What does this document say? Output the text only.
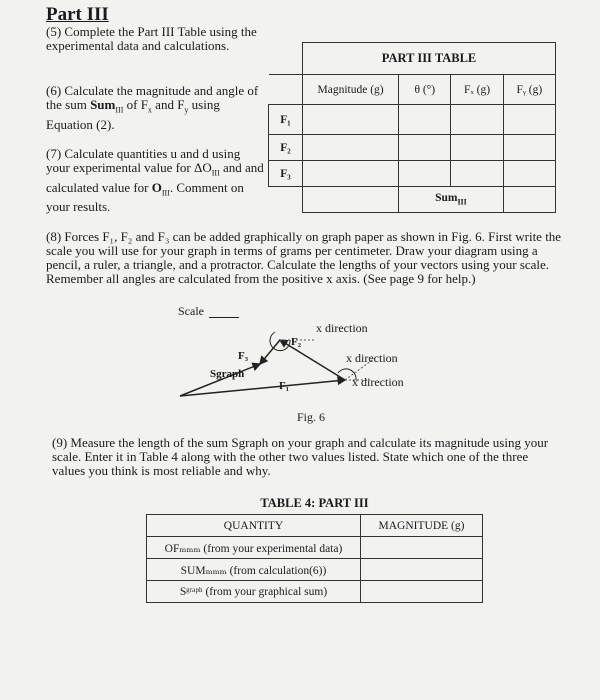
Part III
(5) Complete the Part III Table using the experimental data and calculations.
(6) Calculate the magnitude and angle of the sum Sum$_{III}$ of $F_x$ and $F_y$ using Equation (2).
(7) Calculate quantities u and d using your experimental value for $\Delta O_{III}$ and and calculated value for $O_{III}$. Comment on your results.
	PART III TABLE			
	Magnitude (g)	θ (°)	Fₓ (g)	Fᵧ (g)
F₁				
F₂				
F₃				
		Sum$_{III}$	
(8) Forces F₁, F₂ and F₃ can be added graphically on graph paper as shown in Fig. 6. First write the scale you will use for your graph in terms of grams per centimeter. Draw your diagram using a pencil, a ruler, a triangle, and a protractor. Calculate the lengths of your vectors using your scale. Remember all angles are calculated from the positive x axis. (See page 9 for help.)
Scale
F₃
F₂
F₁
Sgraph
x direction
x direction
x direction
Fig. 6
(9) Measure the length of the sum Sgraph on your graph and calculate its magnitude using your scale. Enter it in Table 4 along with the other two values listed. State which one of the three values you think is most reliable and why.
TABLE 4: PART III
QUANTITY	MAGNITUDE (g)
OFₘₘₘ (from your experimental data)	
SUMₘₘₘ (from calculation(6))	
Sᵍʳᵃᵖʰ (from your graphical sum)	
